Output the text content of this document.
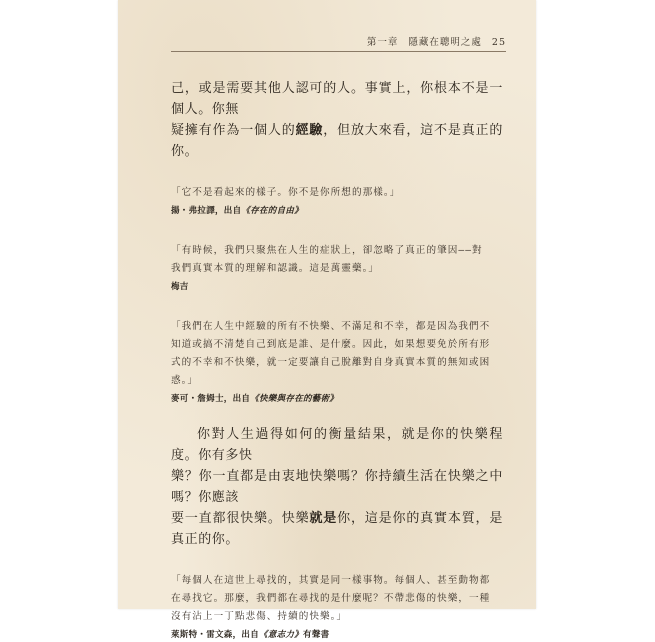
第一章 隱藏在聰明之處 25

己，或是需要其他人認可的人。事實上，你根本不是一個人。你無

疑擁有作為一個人的經驗，但放大來看，這不是真正的你。

「它不是看起來的樣子。你不是你所想的那樣。」

揚・弗拉譯，出自《存在的自由》

「有時候，我們只聚焦在人生的症狀上，卻忽略了真正的肇因——對

我們真實本質的理解和認識。這是萬靈藥。」

梅吉

「我們在人生中經驗的所有不快樂、不滿足和不幸，都是因為我們不

知道或搞不清楚自己到底是誰、是什麼。因此，如果想要免於所有形

式的不幸和不快樂，就一定要讓自己脫離對自身真實本質的無知或困

惑。」

麥可・詹姆士，出自《快樂與存在的藝術》

你對人生過得如何的衡量結果，就是你的快樂程度。你有多快

樂？你一直都是由衷地快樂嗎？你持續生活在快樂之中嗎？你應該

要一直都很快樂。快樂就是你，這是你的真實本質，是真正的你。

「每個人在這世上尋找的，其實是同一樣事物。每個人、甚至動物都

在尋找它。那麼，我們都在尋找的是什麼呢？不帶悲傷的快樂，一種

沒有沾上一丁點悲傷、持續的快樂。」

萊斯特・雷文森，出自《意志力》有聲書
